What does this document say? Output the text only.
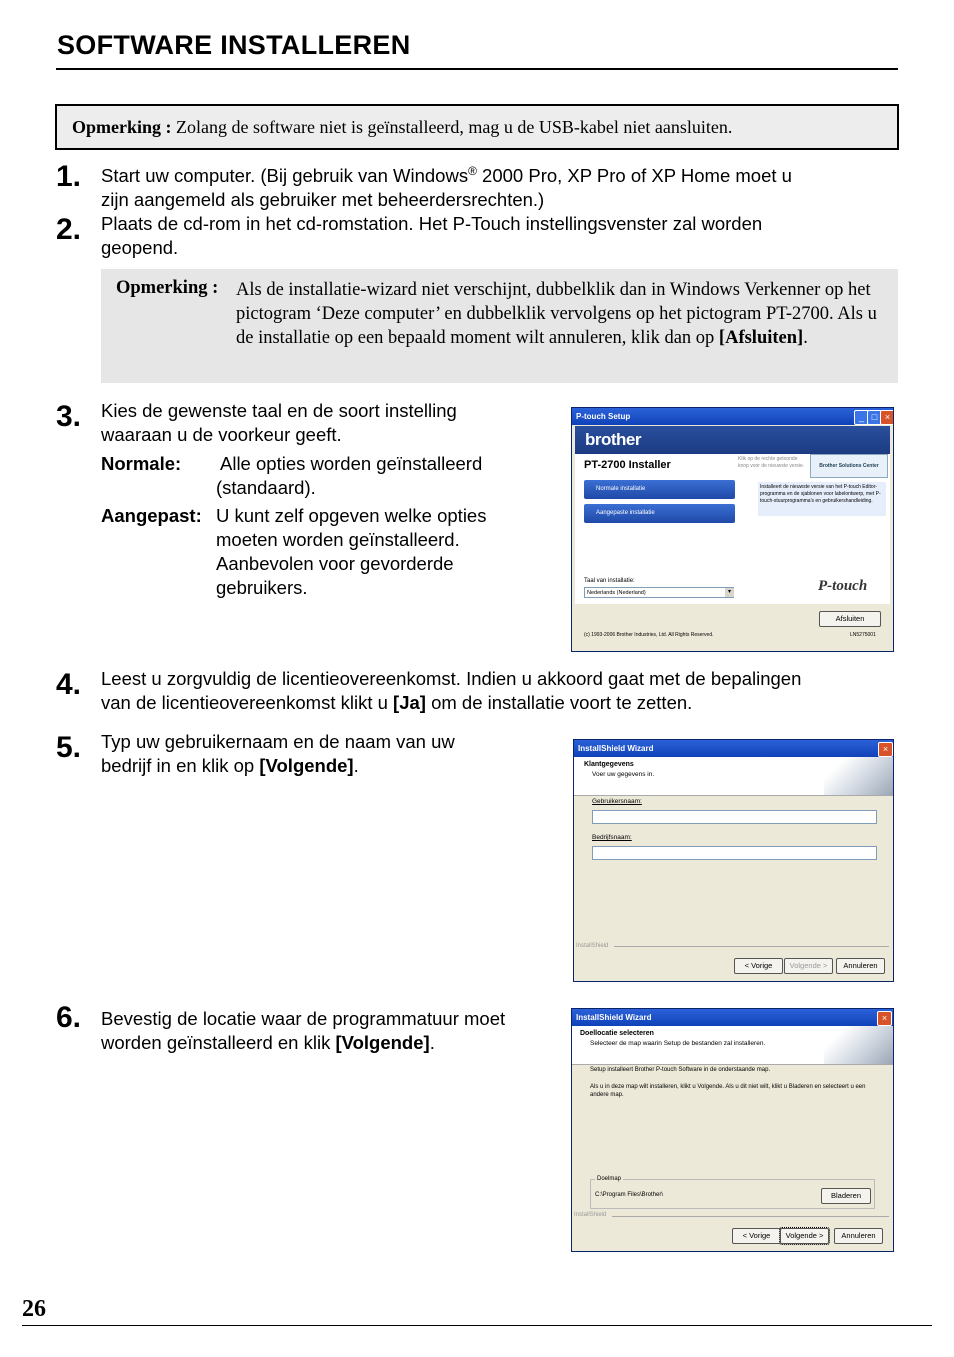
SOFTWARE INSTALLEREN
Opmerking : Zolang de software niet is geïnstalleerd, mag u de USB-kabel niet aansluiten.
1. Start uw computer. (Bij gebruik van Windows® 2000 Pro, XP Pro of XP Home moet u
zijn aangemeld als gebruiker met beheerdersrechten.)
2. Plaats de cd-rom in het cd-romstation. Het P-Touch instellingsvenster zal worden
geopend.
Opmerking : Als de installatie-wizard niet verschijnt, dubbelklik dan in Windows Verkenner op het pictogram ‘Deze computer’ en dubbelklik vervolgens op het pictogram PT-2700. Als u de installatie op een bepaald moment wilt annuleren, klik dan op [Afsluiten].
3. Kies de gewenste taal en de soort instelling
waaraan u de voorkeur geeft.
Normale: Alle opties worden geïnstalleerd
(standaard).
Aangepast: U kunt zelf opgeven welke opties
moeten worden geïnstalleerd.
Aanbevolen voor gevorderde
gebruikers.
P-touch Setup	_ □ ×
brother
PT-2700 Installer	Klik op de rechte getoonde knop voor de nieuwste versie.	Brother Solutions Center
Installeert de nieuwste versie van het P-touch Editor-programma en de sjablonen voor labelontwerp, met P-touch-stuurprogramma's en gebruikershandleiding.
Normale installatie
Aangepaste installatie
Taal van installatie:
Nederlands (Nederland)	▾	P-touch
Afsluiten
(c) 1993-2006 Brother Industries, Ltd. All Rights Reserved.	LN5275001
4. Leest u zorgvuldig de licentieovereenkomst. Indien u akkoord gaat met de bepalingen
van de licentieovereenkomst klikt u [Ja] om de installatie voort te zetten.
5. Typ uw gebruikernaam en de naam van uw
bedrijf in en klik op [Volgende].
InstallShield Wizard	×
Klantgegevens
Voer uw gegevens in.
Gebruikersnaam:
Bedrijfsnaam:
InstallShield
< Vorige	Volgende >	Annuleren
6. Bevestig de locatie waar de programmatuur moet
worden geïnstalleerd en klik [Volgende].
InstallShield Wizard	×
Doellocatie selecteren
Selecteer de map waarin Setup de bestanden zal installeren.
Setup installeert Brother P-touch Software in de onderstaande map.
Als u in deze map wilt installeren, klikt u Volgende. Als u dit niet wilt, klikt u Bladeren en selecteert u een andere map.
Doelmap
C:\Program Files\Brother\	Bladeren
InstallShield
< Vorige	Volgende >	Annuleren
26
